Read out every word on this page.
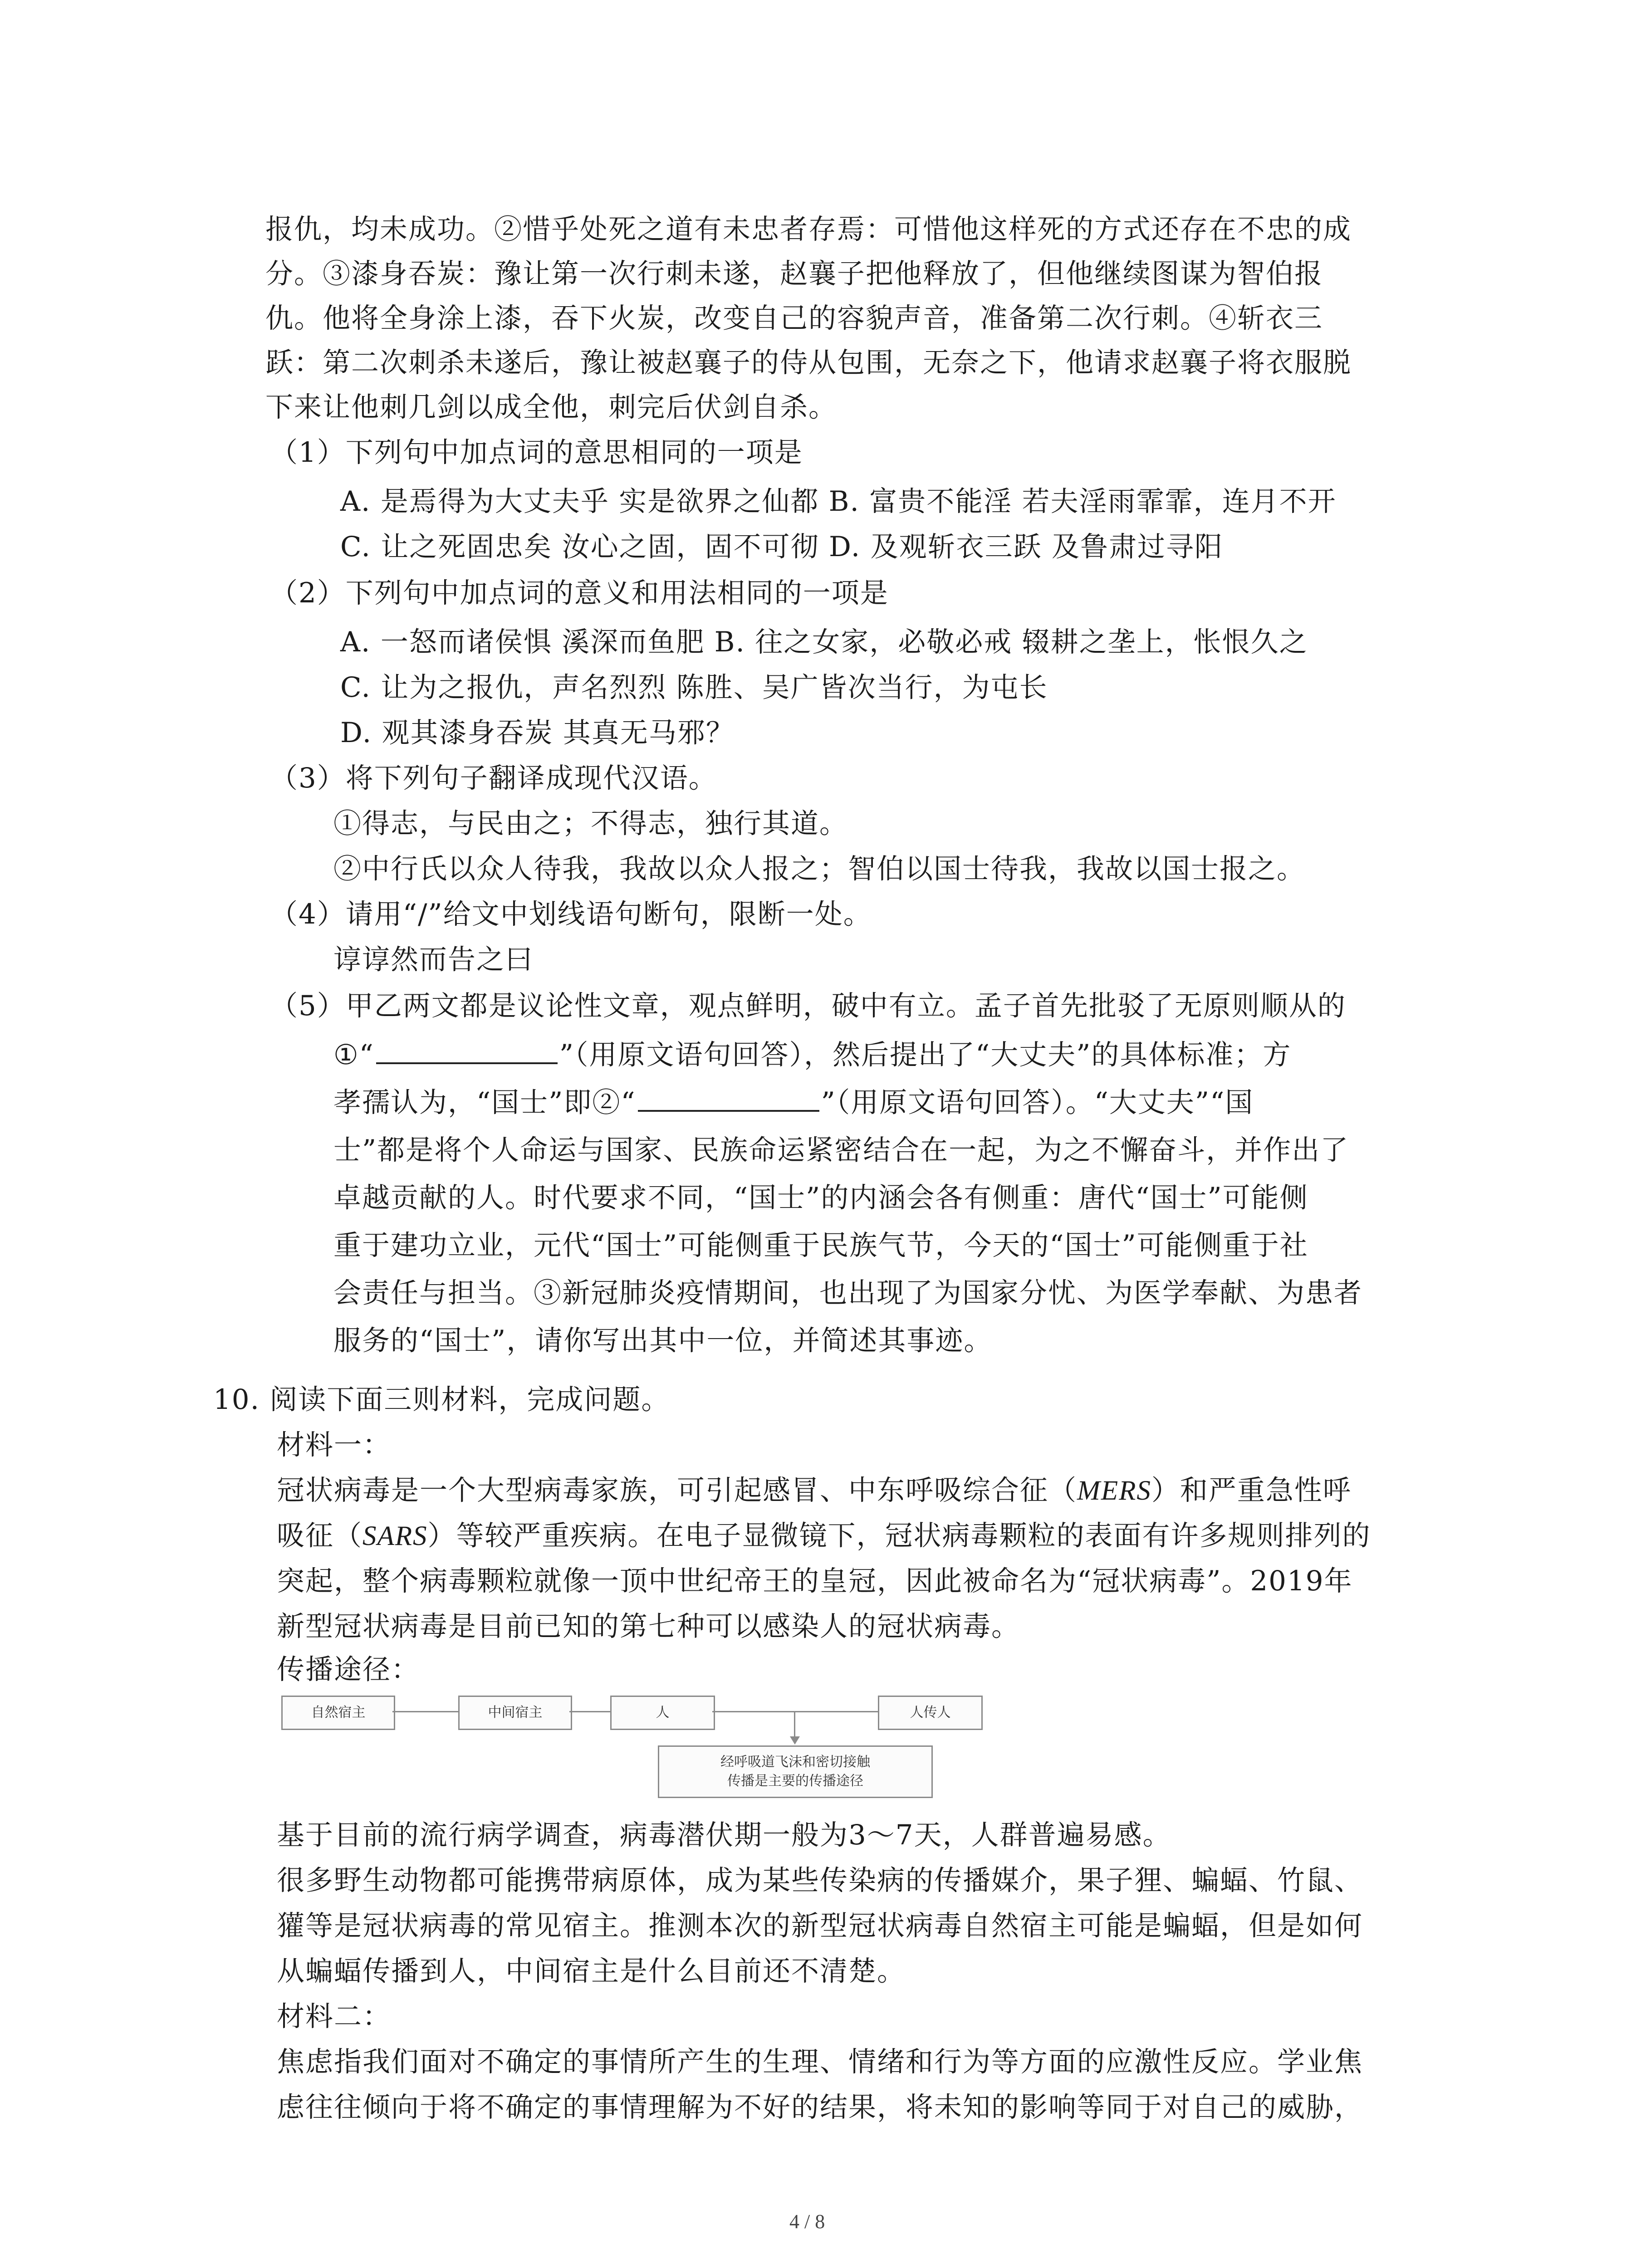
报仇，均未成功。②惜乎处死之道有未忠者存焉：可惜他这样死的方式还存在不忠的成
分。③漆身吞炭：豫让第一次行刺未遂，赵襄子把他释放了，但他继续图谋为智伯报
仇。他将全身涂上漆，吞下火炭，改变自己的容貌声音，准备第二次行刺。④斩衣三
跃：第二次刺杀未遂后，豫让被赵襄子的侍从包围，无奈之下，他请求赵襄子将衣服脱
下来让他刺几剑以成全他，刺完后伏剑自杀。
（1）下列句中加点词的意思相同的一项是
A. 是焉得为大丈夫乎 实是欲界之仙都 B. 富贵不能淫 若夫淫雨霏霏，连月不开
C. 让之死固忠矣 汝心之固，固不可彻 D. 及观斩衣三跃 及鲁肃过寻阳
（2）下列句中加点词的意义和用法相同的一项是
A. 一怒而诸侯惧 溪深而鱼肥 B. 往之女家，必敬必戒 辍耕之垄上，怅恨久之
C. 让为之报仇，声名烈烈 陈胜、吴广皆次当行，为屯长
D. 观其漆身吞炭 其真无马邪？
（3）将下列句子翻译成现代汉语。
①得志，与民由之；不得志，独行其道。
②中行氏以众人待我，我故以众人报之；智伯以国士待我，我故以国士报之。
（4）请用“/”给文中划线语句断句，限断一处。
谆谆然而告之曰
（5）甲乙两文都是议论性文章，观点鲜明，破中有立。孟子首先批驳了无原则顺从的
①“	”（用原文语句回答），然后提出了“大丈夫”的具体标准；方
孝孺认为，“国士”即②“	”（用原文语句回答）。“大丈夫”“国
士”都是将个人命运与国家、民族命运紧密结合在一起，为之不懈奋斗，并作出了
卓越贡献的人。时代要求不同，“国士”的内涵会各有侧重：唐代“国士”可能侧
重于建功立业，元代“国士”可能侧重于民族气节，今天的“国士”可能侧重于社
会责任与担当。③新冠肺炎疫情期间，也出现了为国家分忧、为医学奉献、为患者
服务的“国士”，请你写出其中一位，并简述其事迹。
10. 阅读下面三则材料，完成问题。
材料一：
冠状病毒是一个大型病毒家族，可引起感冒、中东呼吸综合征（MERS）和严重急性呼
吸征（SARS）等较严重疾病。在电子显微镜下，冠状病毒颗粒的表面有许多规则排列的
突起，整个病毒颗粒就像一顶中世纪帝王的皇冠，因此被命名为“冠状病毒”。2019年
新型冠状病毒是目前已知的第七种可以感染人的冠状病毒。
传播途径：
自然宿主	中间宿主	人	人传人
经呼吸道飞沫和密切接触
传播是主要的传播途径
基于目前的流行病学调查，病毒潜伏期一般为3～7天，人群普遍易感。
很多野生动物都可能携带病原体，成为某些传染病的传播媒介，果子狸、蝙蝠、竹鼠、
獾等是冠状病毒的常见宿主。推测本次的新型冠状病毒自然宿主可能是蝙蝠，但是如何
从蝙蝠传播到人，中间宿主是什么目前还不清楚。
材料二：
焦虑指我们面对不确定的事情所产生的生理、情绪和行为等方面的应激性反应。学业焦
虑往往倾向于将不确定的事情理解为不好的结果，将未知的影响等同于对自己的威胁，
4 / 8
